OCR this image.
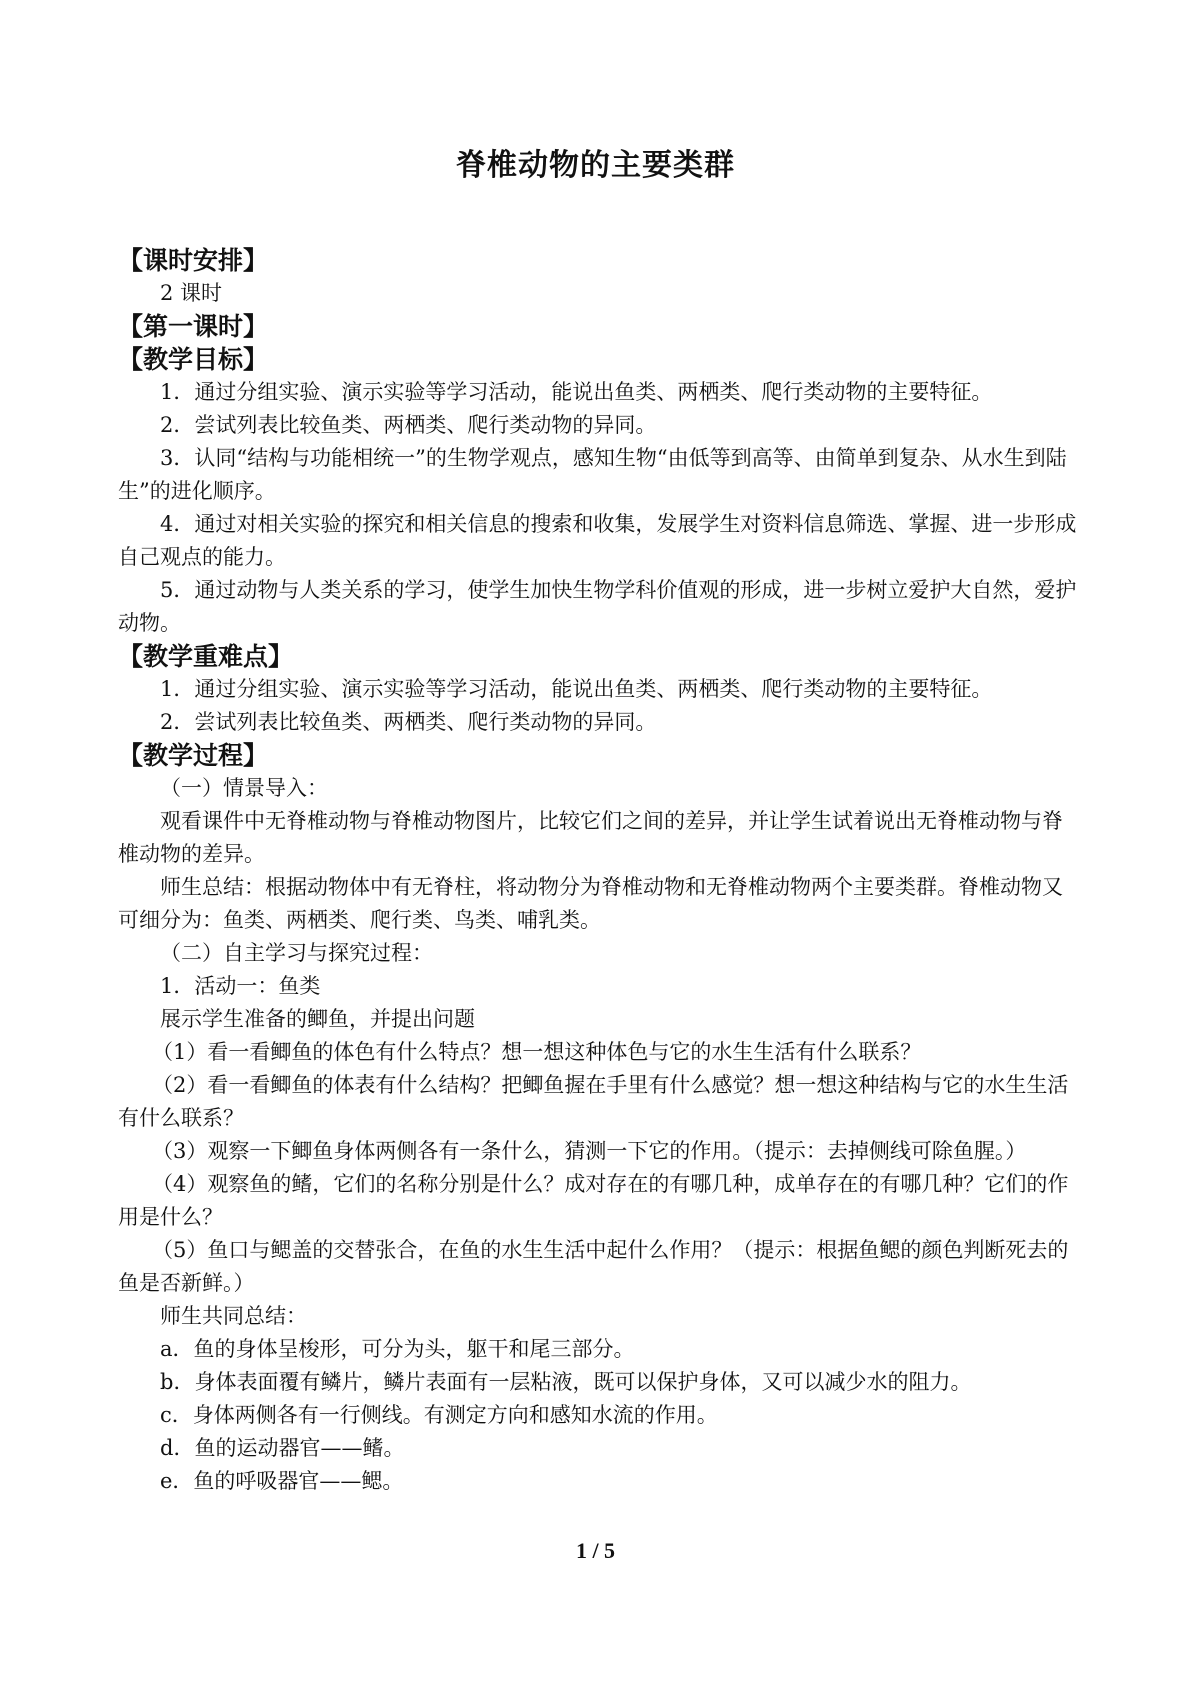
脊椎动物的主要类群

【课时安排】

2 课时

【第一课时】

【教学目标】

1．通过分组实验、演示实验等学习活动，能说出鱼类、两栖类、爬行类动物的主要特征。

2．尝试列表比较鱼类、两栖类、爬行类动物的异同。

3．认同“结构与功能相统一”的生物学观点，感知生物“由低等到高等、由简单到复杂、从水生到陆生”的进化顺序。

4．通过对相关实验的探究和相关信息的搜索和收集，发展学生对资料信息筛选、掌握、进一步形成自己观点的能力。

5．通过动物与人类关系的学习，使学生加快生物学科价值观的形成，进一步树立爱护大自然，爱护动物。

【教学重难点】

1．通过分组实验、演示实验等学习活动，能说出鱼类、两栖类、爬行类动物的主要特征。

2．尝试列表比较鱼类、两栖类、爬行类动物的异同。

【教学过程】

（一）情景导入：

观看课件中无脊椎动物与脊椎动物图片，比较它们之间的差异，并让学生试着说出无脊椎动物与脊椎动物的差异。

师生总结：根据动物体中有无脊柱，将动物分为脊椎动物和无脊椎动物两个主要类群。脊椎动物又可细分为：鱼类、两栖类、爬行类、鸟类、哺乳类。

（二）自主学习与探究过程：

1．活动一：鱼类

展示学生准备的鲫鱼，并提出问题

（1）看一看鲫鱼的体色有什么特点？想一想这种体色与它的水生生活有什么联系？

（2）看一看鲫鱼的体表有什么结构？把鲫鱼握在手里有什么感觉？想一想这种结构与它的水生生活有什么联系？

（3）观察一下鲫鱼身体两侧各有一条什么，猜测一下它的作用。（提示：去掉侧线可除鱼腥。）

（4）观察鱼的鳍，它们的名称分别是什么？成对存在的有哪几种，成单存在的有哪几种？它们的作用是什么？

（5）鱼口与鳃盖的交替张合，在鱼的水生生活中起什么作用？（提示：根据鱼鳃的颜色判断死去的鱼是否新鲜。）

师生共同总结：

a．鱼的身体呈梭形，可分为头，躯干和尾三部分。

b．身体表面覆有鳞片，鳞片表面有一层粘液，既可以保护身体，又可以减少水的阻力。

c．身体两侧各有一行侧线。有测定方向和感知水流的作用。

d．鱼的运动器官——鳍。

e．鱼的呼吸器官——鳃。

1 / 5
